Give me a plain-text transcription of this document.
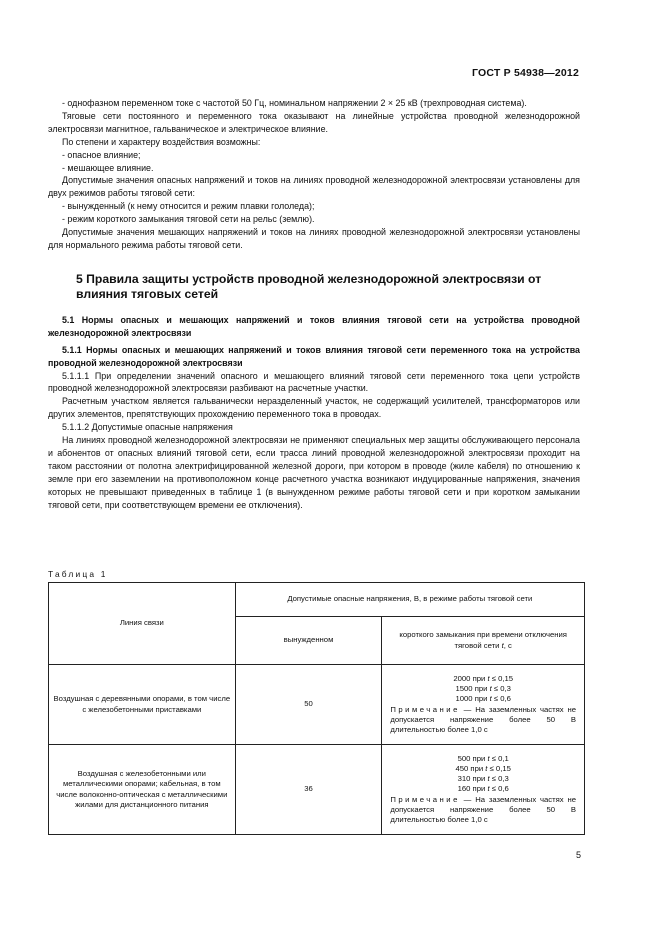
ГОСТ Р 54938—2012

- однофазном переменном токе с частотой 50 Гц, номинальном напряжении 2 × 25 кВ (трехпроводная система).

Тяговые сети постоянного и переменного тока оказывают на линейные устройства проводной железнодорожной электросвязи магнитное, гальваническое и электрическое влияние.

По степени и характеру воздействия возможны:

- опасное влияние;

- мешающее влияние.

Допустимые значения опасных напряжений и токов на линиях проводной железнодорожной электросвязи установлены для двух режимов работы тяговой сети:

- вынужденный (к нему относится и режим плавки гололеда);

- режим короткого замыкания тяговой сети на рельс (землю).

Допустимые значения мешающих напряжений и токов на линиях проводной железнодорожной электросвязи установлены для нормального режима работы тяговой сети.

5 Правила защиты устройств проводной железнодорожной электросвязи от влияния тяговых сетей

5.1 Нормы опасных и мешающих напряжений и токов влияния тяговой сети на устройства проводной железнодорожной электросвязи

5.1.1 Нормы опасных и мешающих напряжений и токов влияния тяговой сети переменного тока на устройства проводной железнодорожной электросвязи

5.1.1.1 При определении значений опасного и мешающего влияний тяговой сети переменного тока цепи устройств проводной железнодорожной электросвязи разбивают на расчетные участки.

Расчетным участком является гальванически неразделенный участок, не содержащий усилителей, трансформаторов или других элементов, препятствующих прохождению переменного тока в проводах.

5.1.1.2 Допустимые опасные напряжения

На линиях проводной железнодорожной электросвязи не применяют специальных мер защиты обслуживающего персонала и абонентов от опасных влияний тяговой сети, если трасса линий проводной железнодорожной электросвязи проходит на таком расстоянии от полотна электрифицированной железной дороги, при котором в проводе (жиле кабеля) по отношению к земле при его заземлении на противоположном конце расчетного участка возникают индуцированные напряжения, значения которых не превышают приведенных в таблице 1 (в вынужденном режиме работы тяговой сети и при коротком замыкании тяговой сети, при соответствующем времени ее отключения).

Таблица 1
Линия связи	Допустимые опасные напряжения, В, в режиме работы тяговой сети	
	вынужденном	короткого замыкания при времени отключения тяговой сети t, с
Воздушная с деревянными опорами, в том числе с железобетонными приставками	50	2000 при t ≤ 0,15
1500 при t ≤ 0,3
1000 при t ≤ 0,6
Примечание — На заземленных частях не допускается напряжение более 50 В длительностью более 1,0 с

Воздушная с железобетонными или металлическими опорами; кабельная, в том числе волоконно-оптическая с металлическими жилами для дистанционного питания	36	500 при t ≤ 0,1
450 при t ≤ 0,15
310 при t ≤ 0,3
160 при t ≤ 0,6
Примечание — На заземленных частях не допускается напряжение более 50 В длительностью более 1,0 с
5
